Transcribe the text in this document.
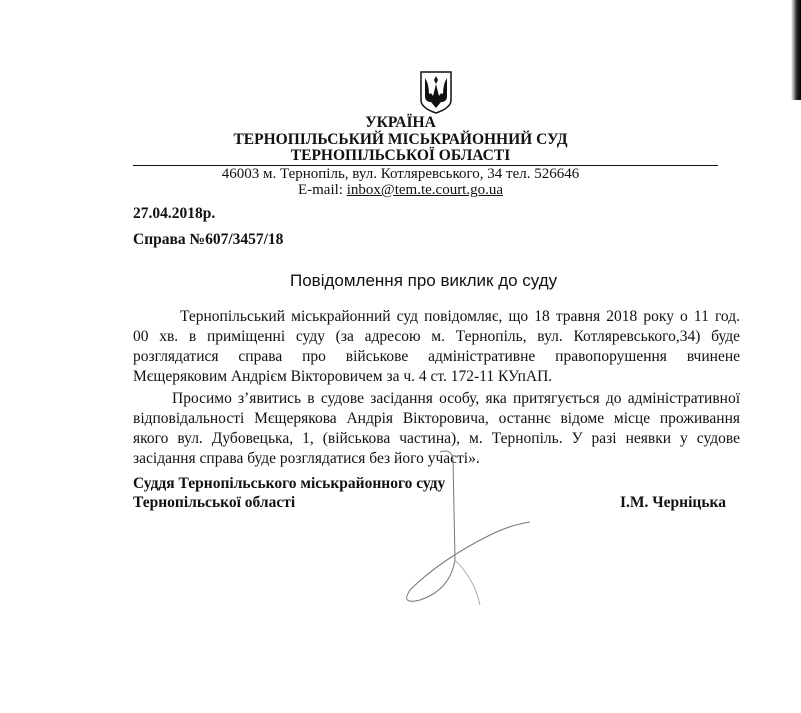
УКРАЇНА
ТЕРНОПІЛЬСЬКИЙ МІСЬКРАЙОННИЙ СУД
ТЕРНОПІЛЬСЬКОЇ ОБЛАСТІ
46003 м. Тернопіль, вул. Котляревського, 34 тел. 526646
E-mail: inbox@tem.te.court.go.ua
27.04.2018р.
Справа №607/3457/18
Повідомлення про виклик до суду
Тернопільський міськрайонний суд повідомляє, що 18 травня 2018 року о 11 год.
00 хв. в приміщенні суду (за адресою м. Тернопіль, вул. Котляревського,34) буде
розглядатися справа про військове адміністративне правопорушення вчинене
Мєщеряковим Андрієм Вікторовичем за ч. 4 ст. 172-11 КУпАП.
Просимо з’явитись в судове засідання особу, яка притягується до адміністративної
відповідальності Мєщерякова Андрія Вікторовича, останнє відоме місце проживання
якого вул. Дубовецька, 1, (військова частина), м. Тернопіль. У разі неявки у судове
засідання справа буде розглядатися без його участі».
Суддя Тернопільського міськрайонного суду
Тернопільської області	І.М. Черніцька
